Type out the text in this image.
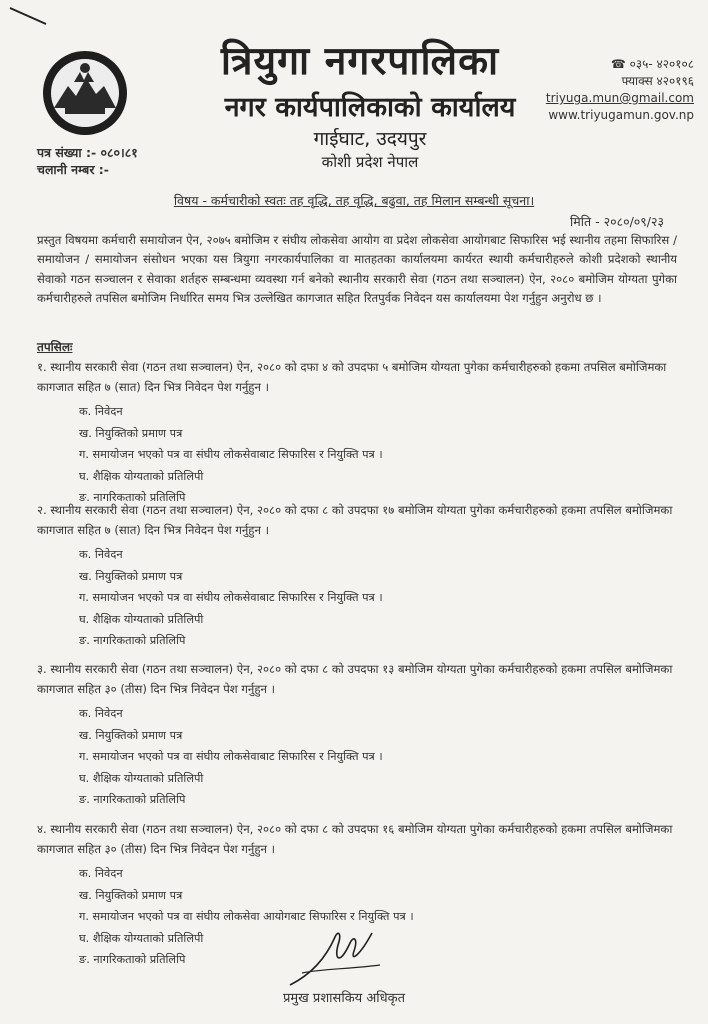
त्रियुगा नगरपालिका
नगर कार्यपालिकाको कार्यालय
गाईघाट, उदयपुर
कोशी प्रदेश नेपाल
☎ ०३५- ४२०१०८
फ्याक्स ४२०१९६
triyuga.mun@gmail.com
www.triyugamun.gov.np
पत्र संख्या :- ०८०।८१
चलानी नम्बर :-
विषय - कर्मचारीको स्वतः तह वृद्धि, तह वृद्धि, बढुवा, तह मिलान सम्बन्धी सूचना।
मिति - २०८०/०९/२३
प्रस्तुत विषयमा कर्मचारी समायोजन ऐन, २०७५ बमोजिम र संघीय लोकसेवा आयोग वा प्रदेश लोकसेवा आयोगबाट सिफारिस भई स्थानीय तहमा सिफारिस / समायोजन / समायोजन संसोधन भएका यस त्रियुगा नगरकार्यपालिका वा मातहतका कार्यालयमा कार्यरत स्थायी कर्मचारीहरुले कोशी प्रदेशको स्थानीय सेवाको गठन सञ्चालन र सेवाका शर्तहरु सम्बन्धमा व्यवस्था गर्न बनेको स्थानीय सरकारी सेवा (गठन तथा सञ्चालन) ऐन, २०८० बमोजिम योग्यता पुगेका कर्मचारीहरुले तपसिल बमोजिम निर्धारित समय भित्र उल्लेखित कागजात सहित रितपुर्वक निवेदन यस कार्यालयमा पेश गर्नुहुन अनुरोध छ ।
तपसिलः
१. स्थानीय सरकारी सेवा (गठन तथा सञ्चालन) ऐन, २०८० को दफा ४ को उपदफा ५ बमोजिम योग्यता पुगेका कर्मचारीहरुको हकमा तपसिल बमोजिमका कागजात सहित ७ (सात) दिन भित्र निवेदन पेश गर्नुहुन ।
क. निवेदन
ख. नियुक्तिको प्रमाण पत्र
ग. समायोजन भएको पत्र वा संघीय लोकसेवाबाट सिफारिस र नियुक्ति पत्र ।
घ. शैक्षिक योग्यताको प्रतिलिपी
ङ. नागरिकताको प्रतिलिपि
२. स्थानीय सरकारी सेवा (गठन तथा सञ्चालन) ऐन, २०८० को दफा ८ को उपदफा १७ बमोजिम योग्यता पुगेका कर्मचारीहरुको हकमा तपसिल बमोजिमका कागजात सहित ७ (सात) दिन भित्र निवेदन पेश गर्नुहुन ।
क. निवेदन
ख. नियुक्तिको प्रमाण पत्र
ग. समायोजन भएको पत्र वा संघीय लोकसेवाबाट सिफारिस र नियुक्ति पत्र ।
घ. शैक्षिक योग्यताको प्रतिलिपी
ङ. नागरिकताको प्रतिलिपि
३. स्थानीय सरकारी सेवा (गठन तथा सञ्चालन) ऐन, २०८० को दफा ८ को उपदफा १३ बमोजिम योग्यता पुगेका कर्मचारीहरुको हकमा तपसिल बमोजिमका कागजात सहित ३० (तीस) दिन भित्र निवेदन पेश गर्नुहुन ।
क. निवेदन
ख. नियुक्तिको प्रमाण पत्र
ग. समायोजन भएको पत्र वा संघीय लोकसेवाबाट सिफारिस र नियुक्ति पत्र ।
घ. शैक्षिक योग्यताको प्रतिलिपी
ङ. नागरिकताको प्रतिलिपि
४. स्थानीय सरकारी सेवा (गठन तथा सञ्चालन) ऐन, २०८० को दफा ८ को उपदफा १६ बमोजिम योग्यता पुगेका कर्मचारीहरुको हकमा तपसिल बमोजिमका कागजात सहित ३० (तीस) दिन भित्र निवेदन पेश गर्नुहुन ।
क. निवेदन
ख. नियुक्तिको प्रमाण पत्र
ग. समायोजन भएको पत्र वा संघीय लोकसेवा आयोगबाट सिफारिस र नियुक्ति पत्र ।
घ. शैक्षिक योग्यताको प्रतिलिपी
ङ. नागरिकताको प्रतिलिपि
प्रमुख प्रशासकिय अधिकृत
